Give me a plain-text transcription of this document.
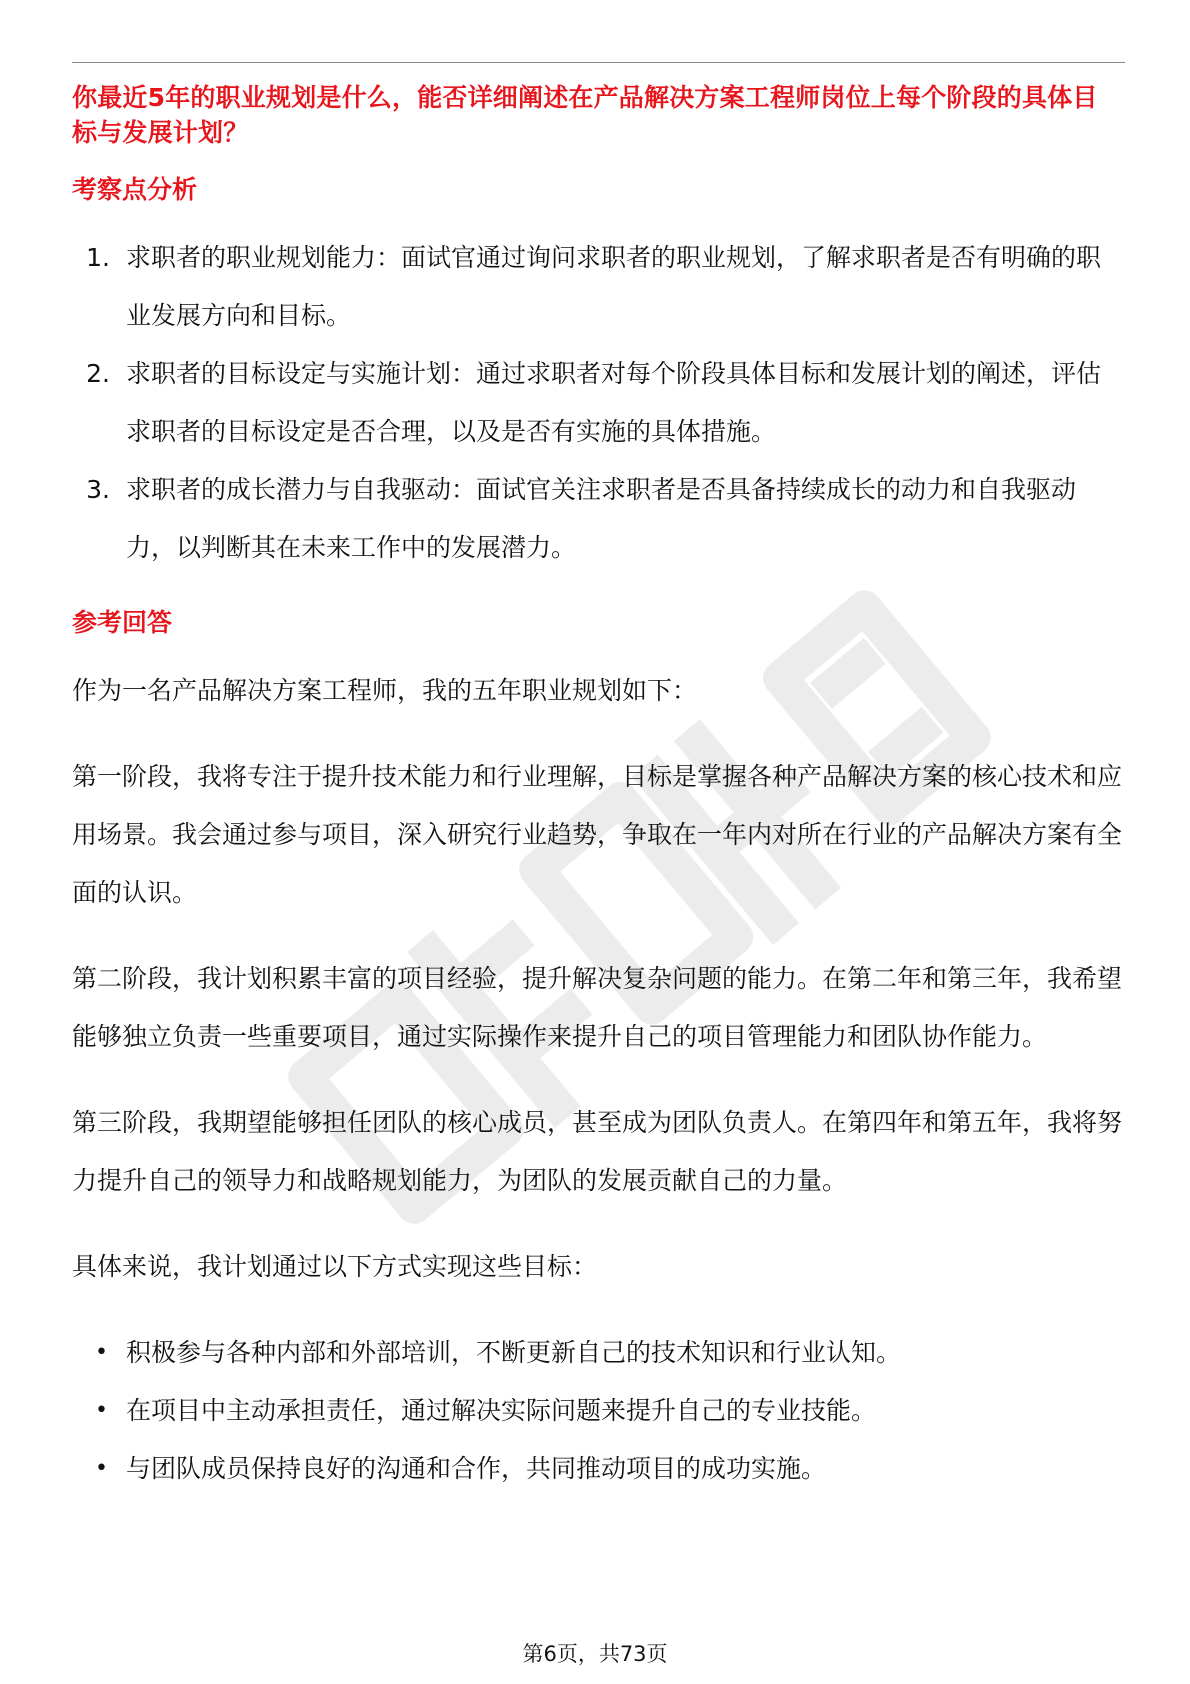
你最近5年的职业规划是什么，能否详细阐述在产品解决方案工程师岗位上每个阶段的具体目标与发展计划？

考察点分析
1. 求职者的职业规划能力：面试官通过询问求职者的职业规划，了解求职者是否有明确的职业发展方向和目标。
2. 求职者的目标设定与实施计划：通过求职者对每个阶段具体目标和发展计划的阐述，评估求职者的目标设定是否合理，以及是否有实施的具体措施。
3. 求职者的成长潜力与自我驱动：面试官关注求职者是否具备持续成长的动力和自我驱动力，以判断其在未来工作中的发展潜力。
参考回答

作为一名产品解决方案工程师，我的五年职业规划如下：

第一阶段，我将专注于提升技术能力和行业理解，目标是掌握各种产品解决方案的核心技术和应用场景。我会通过参与项目，深入研究行业趋势，争取在一年内对所在行业的产品解决方案有全面的认识。

第二阶段，我计划积累丰富的项目经验，提升解决复杂问题的能力。在第二年和第三年，我希望能够独立负责一些重要项目，通过实际操作来提升自己的项目管理能力和团队协作能力。

第三阶段，我期望能够担任团队的核心成员，甚至成为团队负责人。在第四年和第五年，我将努力提升自己的领导力和战略规划能力，为团队的发展贡献自己的力量。

具体来说，我计划通过以下方式实现这些目标：

• 积极参与各种内部和外部培训，不断更新自己的技术知识和行业认知。
• 在项目中主动承担责任，通过解决实际问题来提升自己的专业技能。
• 与团队成员保持良好的沟通和合作，共同推动项目的成功实施。
第6页，共73页
